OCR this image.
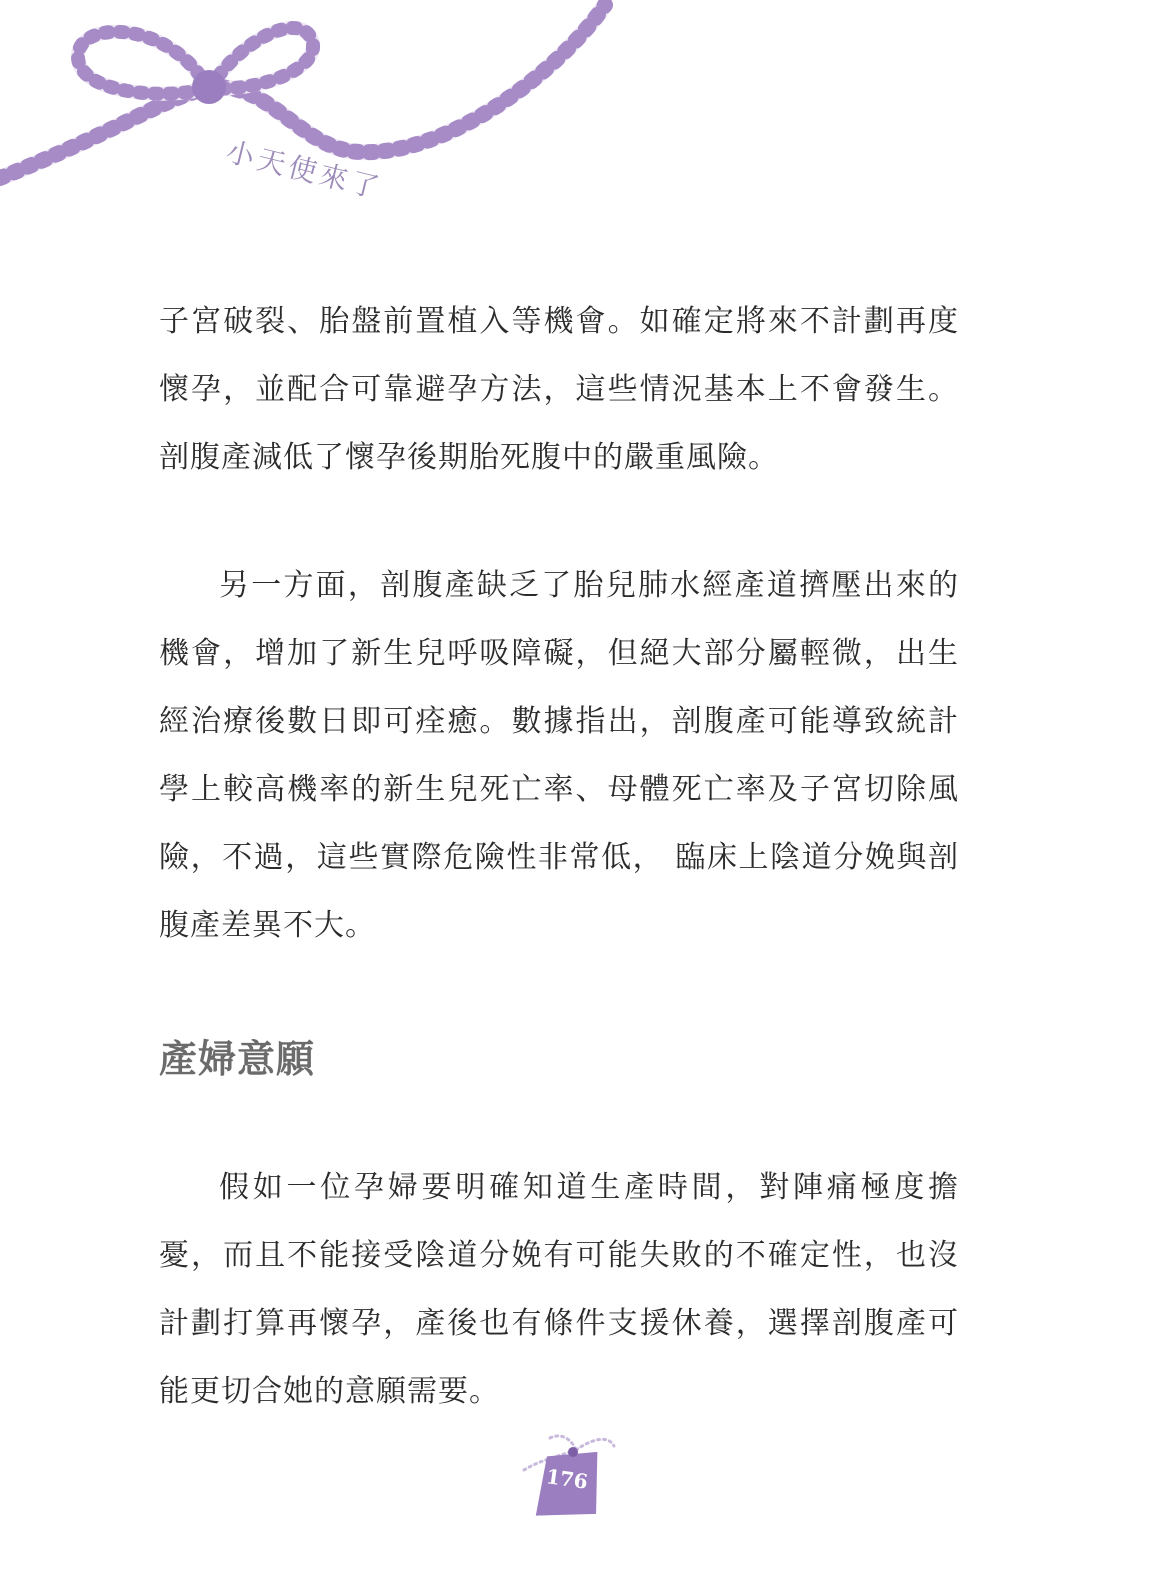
小天使來了

子宮破裂、胎盤前置植入等機會。如確定將來不計劃再度懷孕，並配合可靠避孕方法，這些情況基本上不會發生。剖腹產減低了懷孕後期胎死腹中的嚴重風險。

另一方面，剖腹產缺乏了胎兒肺水經產道擠壓出來的機會，增加了新生兒呼吸障礙，但絕大部分屬輕微，出生經治療後數日即可痊癒。數據指出，剖腹產可能導致統計學上較高機率的新生兒死亡率、母體死亡率及子宮切除風險，不過，這些實際危險性非常低， 臨床上陰道分娩與剖腹產差異不大。

產婦意願

假如一位孕婦要明確知道生產時間，對陣痛極度擔憂，而且不能接受陰道分娩有可能失敗的不確定性，也沒計劃打算再懷孕，產後也有條件支援休養，選擇剖腹產可能更切合她的意願需要。

176
